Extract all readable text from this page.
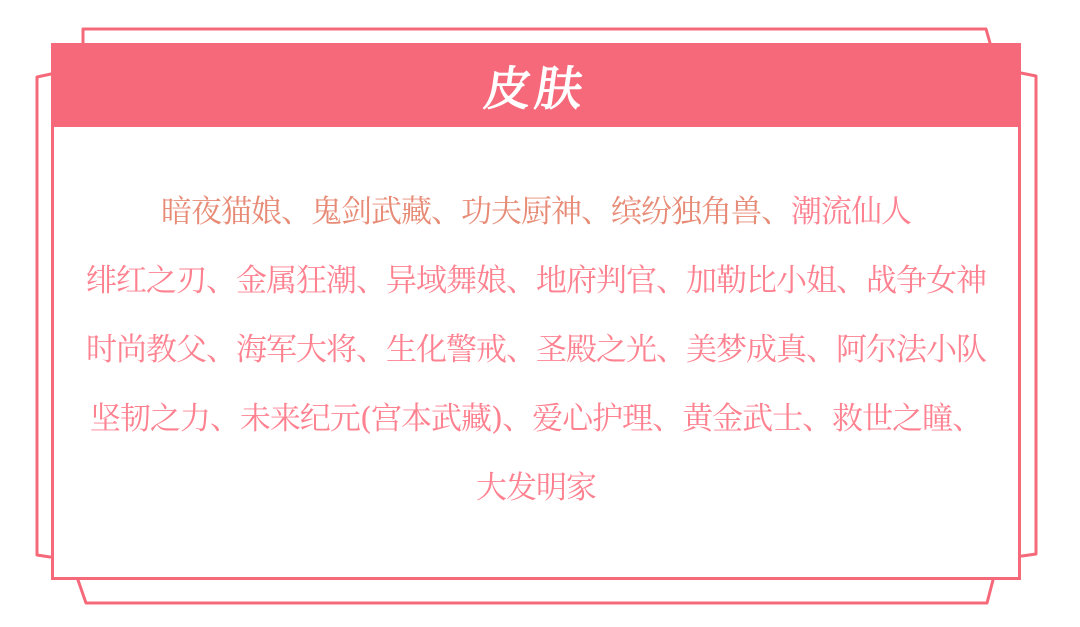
皮肤
暗夜猫娘、鬼剑武藏、功夫厨神、缤纷独角兽、 潮流仙人
绯红之刃、金属狂潮、异域舞娘、地府判官、加勒比小姐、战争女神
时尚教父、海军大将、生化警戒、圣殿之光、美梦成真、阿尔法小队
坚韧之力、未来纪元(宫本武藏)、爱心护理、黄金武士、救世之瞳、
大发明家
